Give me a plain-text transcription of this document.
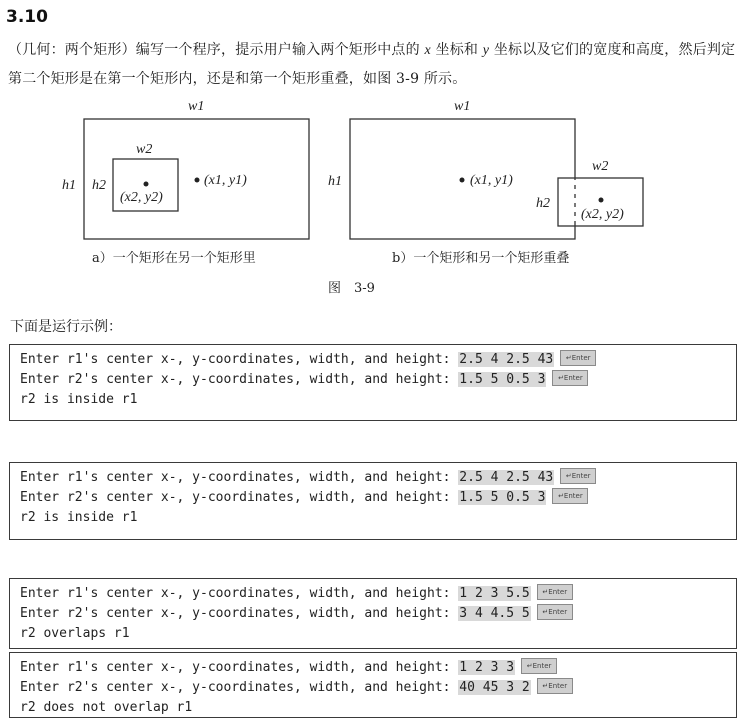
3.10

（几何：两个矩形）编写一个程序，提示用户输入两个矩形中点的 x 坐标和 y 坐标以及它们的宽度和高度，然后判定第二个矩形是在第一个矩形内，还是和第一个矩形重叠，如图 3-9 所示。

w1
h1
w2
h2
(x2, y2)
(x1, y1)
a）一个矩形在另一个矩形里
w1
h1
w2
h2
(x2, y2)
(x1, y1)
b）一个矩形和另一个矩形重叠
图　3-9
下面是运行示例：
Enter r1's center x-, y-coordinates, width, and height: 2.5 4 2.5 43 ↵Enter
Enter r2's center x-, y-coordinates, width, and height: 1.5 5 0.5 3 ↵Enter
r2 is inside r1
Enter r1's center x-, y-coordinates, width, and height: 2.5 4 2.5 43 ↵Enter
Enter r2's center x-, y-coordinates, width, and height: 1.5 5 0.5 3 ↵Enter
r2 is inside r1
Enter r1's center x-, y-coordinates, width, and height: 1 2 3 5.5 ↵Enter
Enter r2's center x-, y-coordinates, width, and height: 3 4 4.5 5 ↵Enter
r2 overlaps r1
Enter r1's center x-, y-coordinates, width, and height: 1 2 3 3 ↵Enter
Enter r2's center x-, y-coordinates, width, and height: 40 45 3 2 ↵Enter
r2 does not overlap r1
